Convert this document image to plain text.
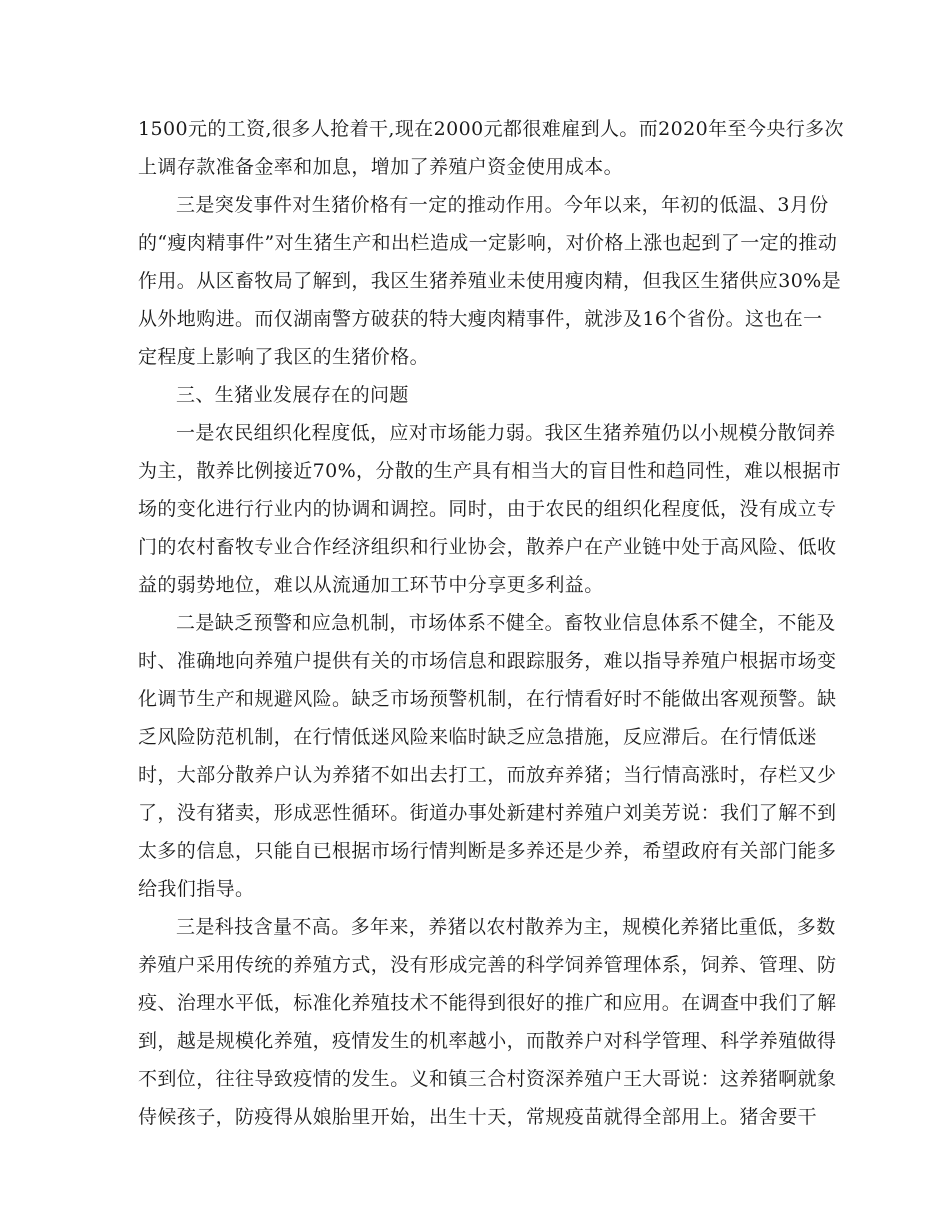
1500元的工资,很多人抢着干,现在2000元都很难雇到人。而2020年至今央行多次
上调存款准备金率和加息，增加了养殖户资金使用成本。
三是突发事件对生猪价格有一定的推动作用。今年以来，年初的低温、3月份
的“瘦肉精事件”对生猪生产和出栏造成一定影响，对价格上涨也起到了一定的推动
作用。从区畜牧局了解到，我区生猪养殖业未使用瘦肉精，但我区生猪供应30%是
从外地购进。而仅湖南警方破获的特大瘦肉精事件，就涉及16个省份。这也在一
定程度上影响了我区的生猪价格。
三、生猪业发展存在的问题
一是农民组织化程度低，应对市场能力弱。我区生猪养殖仍以小规模分散饲养
为主，散养比例接近70%，分散的生产具有相当大的盲目性和趋同性，难以根据市
场的变化进行行业内的协调和调控。同时，由于农民的组织化程度低，没有成立专
门的农村畜牧专业合作经济组织和行业协会，散养户在产业链中处于高风险、低收
益的弱势地位，难以从流通加工环节中分享更多利益。
二是缺乏预警和应急机制，市场体系不健全。畜牧业信息体系不健全，不能及
时、准确地向养殖户提供有关的市场信息和跟踪服务，难以指导养殖户根据市场变
化调节生产和规避风险。缺乏市场预警机制，在行情看好时不能做出客观预警。缺
乏风险防范机制，在行情低迷风险来临时缺乏应急措施，反应滞后。在行情低迷
时，大部分散养户认为养猪不如出去打工，而放弃养猪；当行情高涨时，存栏又少
了，没有猪卖，形成恶性循环。街道办事处新建村养殖户刘美芳说：我们了解不到
太多的信息，只能自已根据市场行情判断是多养还是少养，希望政府有关部门能多
给我们指导。
三是科技含量不高。多年来，养猪以农村散养为主，规模化养猪比重低，多数
养殖户采用传统的养殖方式，没有形成完善的科学饲养管理体系，饲养、管理、防
疫、治理水平低，标准化养殖技术不能得到很好的推广和应用。在调查中我们了解
到，越是规模化养殖，疫情发生的机率越小，而散养户对科学管理、科学养殖做得
不到位，往往导致疫情的发生。义和镇三合村资深养殖户王大哥说：这养猪啊就象
侍候孩子，防疫得从娘胎里开始，出生十天，常规疫苗就得全部用上。猪舍要干
